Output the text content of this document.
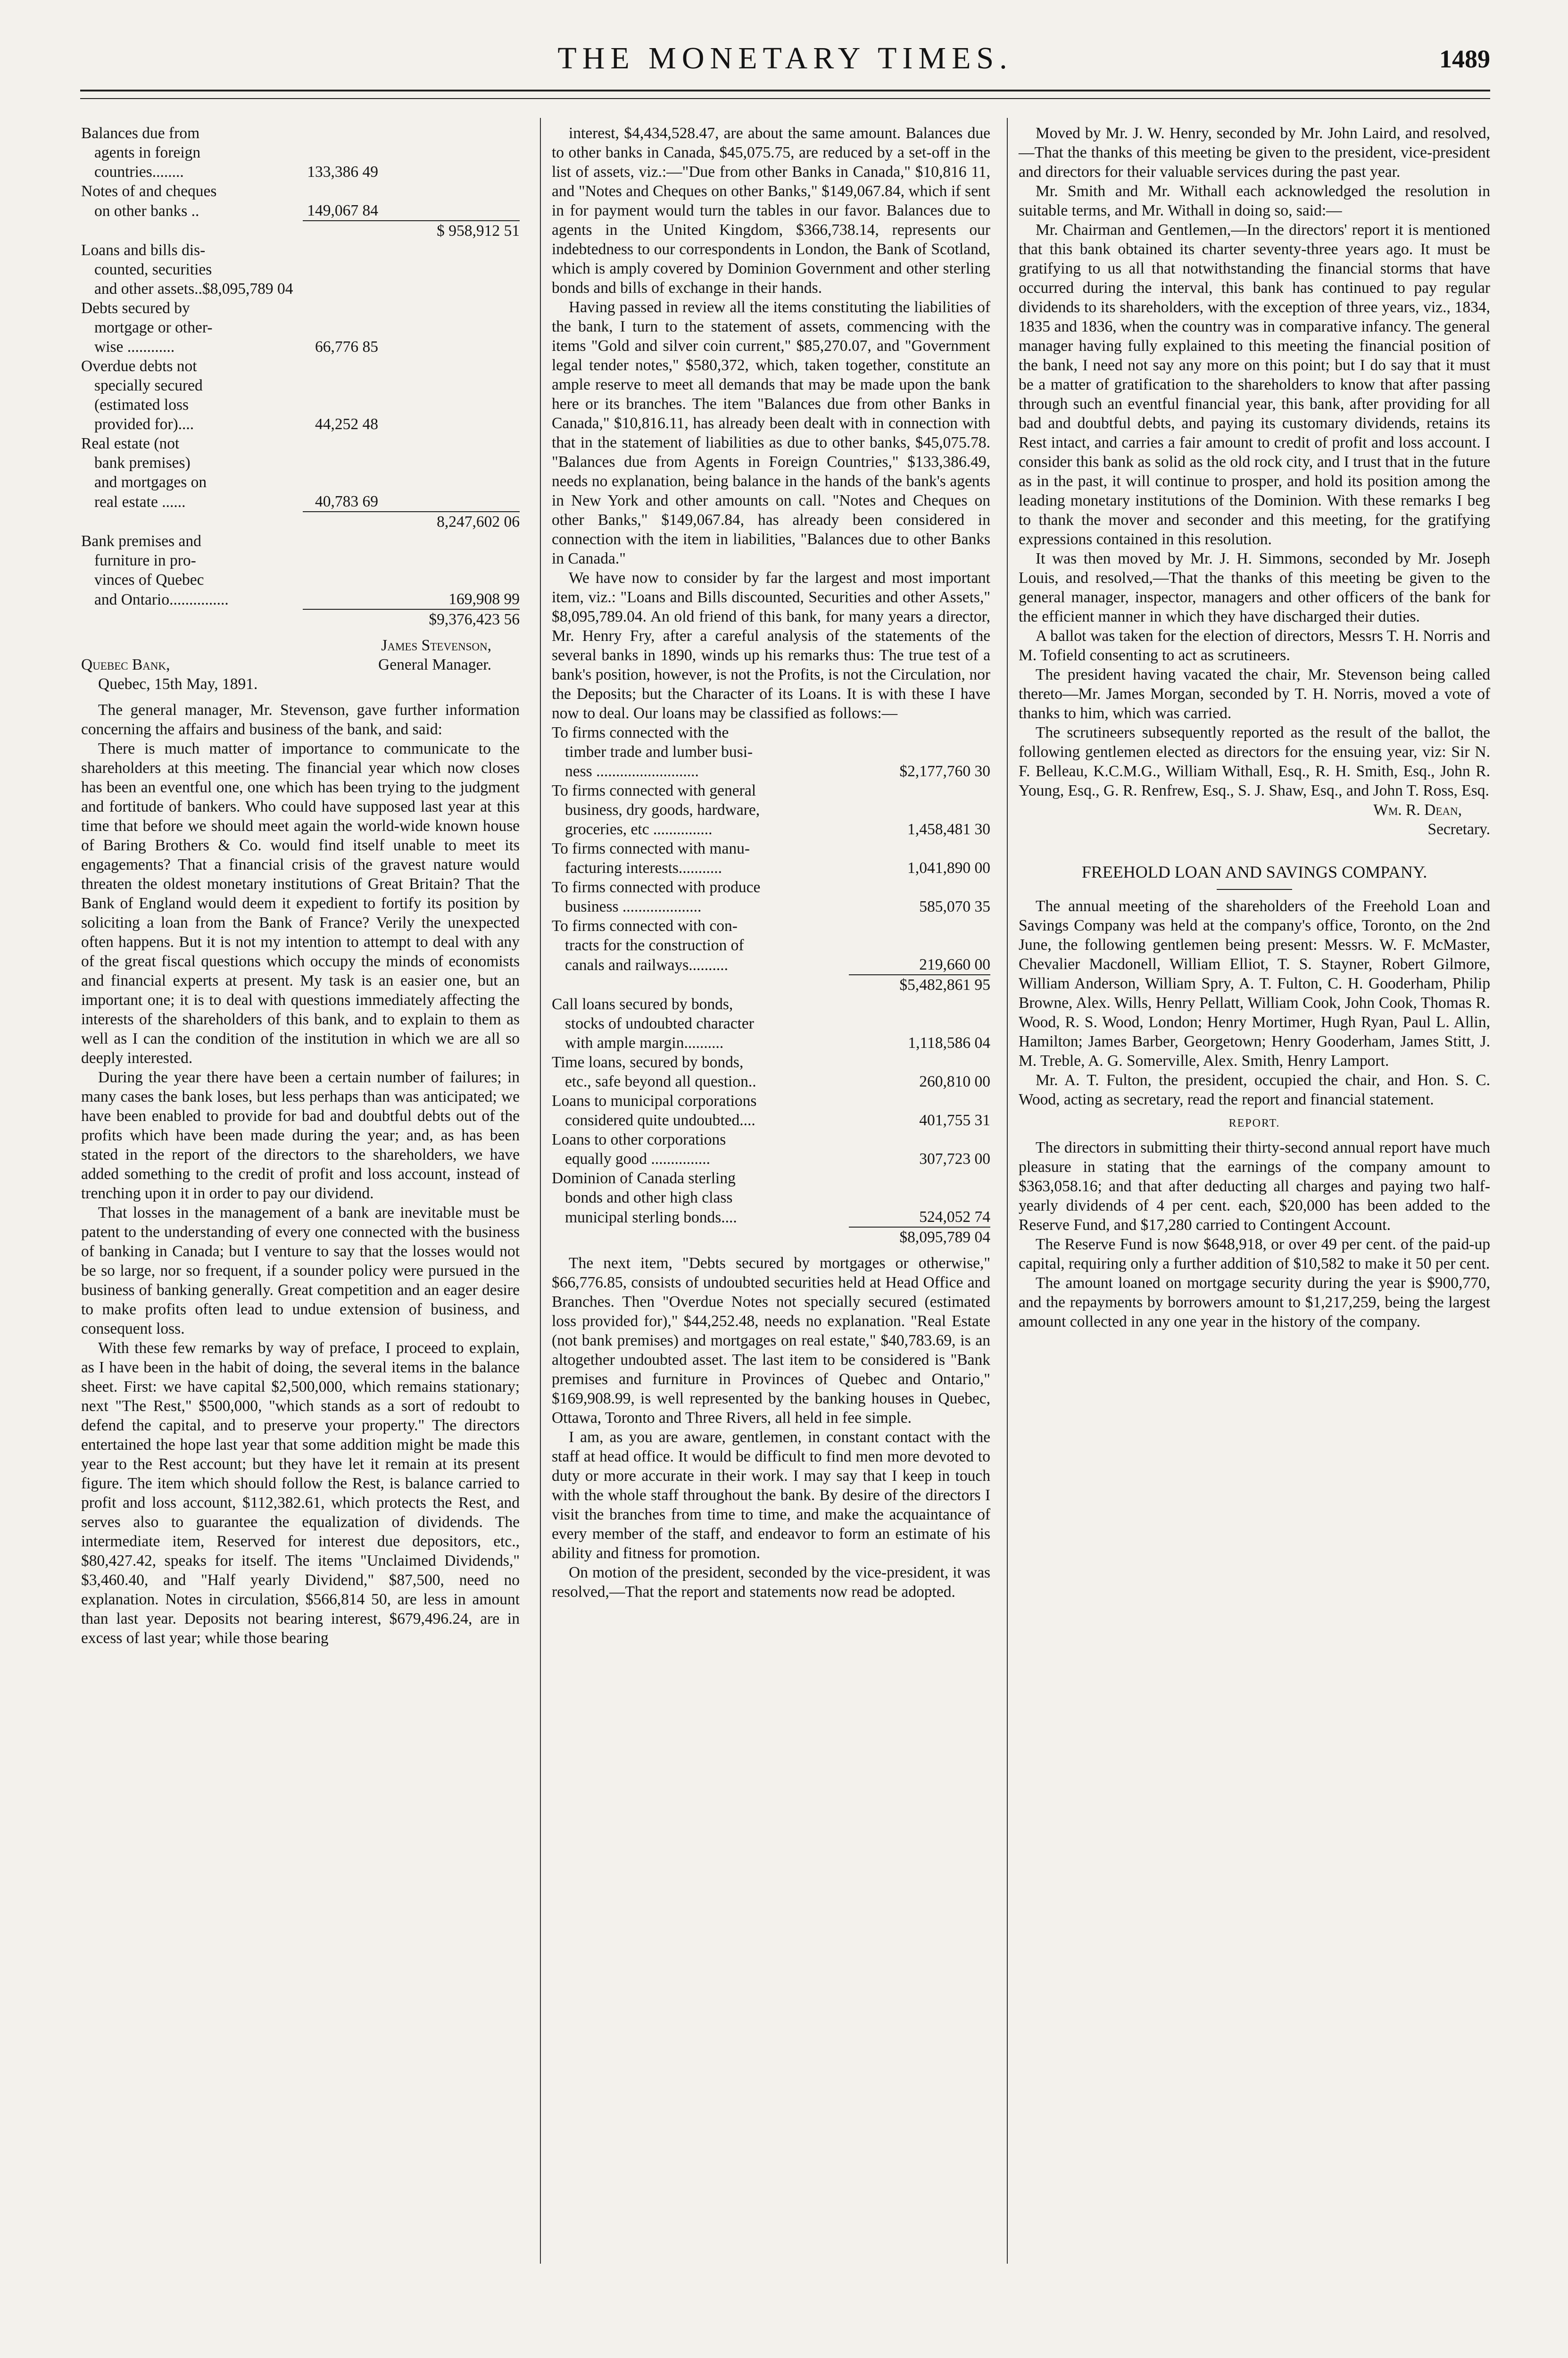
THE MONETARY TIMES.	1489
Balances due from		
agents in foreign		
countries........	133,386 49	
Notes of and cheques		
on other banks ..	149,067 84	
		$ 958,912 51
Loans and bills dis-		
counted, securities		
and other assets..$8,095,789 04		
Debts secured by		
mortgage or other-		
wise ............	66,776 85	
Overdue debts not		
specially secured		
(estimated loss		
provided for)....	44,252 48	
Real estate (not		
bank premises)		
and mortgages on		
real estate ......	40,783 69	
		8,247,602 06
Bank premises and		
furniture in pro-		
vinces of Quebec		
and Ontario...............		169,908 99
		$9,376,423 56
James Stevenson,
Quebec Bank,	General Manager.
Quebec, 15th May, 1891.

The general manager, Mr. Stevenson, gave further information concerning the affairs and business of the bank, and said:

There is much matter of importance to communicate to the shareholders at this meeting. The financial year which now closes has been an eventful one, one which has been trying to the judgment and fortitude of bankers. Who could have supposed last year at this time that before we should meet again the world-wide known house of Baring Brothers & Co. would find itself unable to meet its engagements? That a financial crisis of the gravest nature would threaten the oldest monetary institutions of Great Britain? That the Bank of England would deem it expedient to fortify its position by soliciting a loan from the Bank of France? Verily the unexpected often happens. But it is not my intention to attempt to deal with any of the great fiscal questions which occupy the minds of economists and financial experts at present. My task is an easier one, but an important one; it is to deal with questions immediately affecting the interests of the shareholders of this bank, and to explain to them as well as I can the condition of the institution in which we are all so deeply interested.

During the year there have been a certain number of failures; in many cases the bank loses, but less perhaps than was anticipated; we have been enabled to provide for bad and doubtful debts out of the profits which have been made during the year; and, as has been stated in the report of the directors to the shareholders, we have added something to the credit of profit and loss account, instead of trenching upon it in order to pay our dividend.

That losses in the management of a bank are inevitable must be patent to the understanding of every one connected with the business of banking in Canada; but I venture to say that the losses would not be so large, nor so frequent, if a sounder policy were pursued in the business of banking generally. Great competition and an eager desire to make profits often lead to undue extension of business, and consequent loss.

With these few remarks by way of preface, I proceed to explain, as I have been in the habit of doing, the several items in the balance sheet. First: we have capital $2,500,000, which remains stationary; next "The Rest," $500,000, "which stands as a sort of redoubt to defend the capital, and to preserve your property." The directors entertained the hope last year that some addition might be made this year to the Rest account; but they have let it remain at its present figure. The item which should follow the Rest, is balance carried to profit and loss account, $112,382.61, which protects the Rest, and serves also to guarantee the equalization of dividends. The intermediate item, Reserved for interest due depositors, etc., $80,427.42, speaks for itself. The items "Unclaimed Dividends," $3,460.40, and "Half yearly Dividend," $87,500, need no explanation. Notes in circulation, $566,814 50, are less in amount than last year. Deposits not bearing interest, $679,496.24, are in excess of last year; while those bearing

interest, $4,434,528.47, are about the same amount. Balances due to other banks in Canada, $45,075.75, are reduced by a set-off in the list of assets, viz.:—"Due from other Banks in Canada," $10,816 11, and "Notes and Cheques on other Banks," $149,067.84, which if sent in for payment would turn the tables in our favor. Balances due to agents in the United Kingdom, $366,738.14, represents our indebtedness to our correspondents in London, the Bank of Scotland, which is amply covered by Dominion Government and other sterling bonds and bills of exchange in their hands.

Having passed in review all the items constituting the liabilities of the bank, I turn to the statement of assets, commencing with the items "Gold and silver coin current," $85,270.07, and "Government legal tender notes," $580,372, which, taken together, constitute an ample reserve to meet all demands that may be made upon the bank here or its branches. The item "Balances due from other Banks in Canada," $10,816.11, has already been dealt with in connection with that in the statement of liabilities as due to other banks, $45,075.78. "Balances due from Agents in Foreign Countries," $133,386.49, needs no explanation, being balance in the hands of the bank's agents in New York and other amounts on call. "Notes and Cheques on other Banks," $149,067.84, has already been considered in connection with the item in liabilities, "Balances due to other Banks in Canada."

We have now to consider by far the largest and most important item, viz.: "Loans and Bills discounted, Securities and other Assets," $8,095,789.04. An old friend of this bank, for many years a director, Mr. Henry Fry, after a careful analysis of the statements of the several banks in 1890, winds up his remarks thus: The true test of a bank's position, however, is not the Profits, is not the Circulation, nor the Deposits; but the Character of its Loans. It is with these I have now to deal. Our loans may be classified as follows:—

To firms connected with the	
timber trade and lumber busi-	
ness ..........................	$2,177,760 30
To firms connected with general	
business, dry goods, hardware,	
groceries, etc ...............	1,458,481 30
To firms connected with manu-	
facturing interests...........	1,041,890 00
To firms connected with produce	
business ....................	585,070 35
To firms connected with con-	
tracts for the construction of	
canals and railways..........	219,660 00
	$5,482,861 95
Call loans secured by bonds,	
stocks of undoubted character	
with ample margin..........	1,118,586 04
Time loans, secured by bonds,	
etc., safe beyond all question..	260,810 00
Loans to municipal corporations	
considered quite undoubted....	401,755 31
Loans to other corporations	
equally good ...............	307,723 00
Dominion of Canada sterling	
bonds and other high class	
municipal sterling bonds....	524,052 74
	$8,095,789 04

The next item, "Debts secured by mortgages or otherwise," $66,776.85, consists of undoubted securities held at Head Office and Branches. Then "Overdue Notes not specially secured (estimated loss provided for)," $44,252.48, needs no explanation. "Real Estate (not bank premises) and mortgages on real estate," $40,783.69, is an altogether undoubted asset. The last item to be considered is "Bank premises and furniture in Provinces of Quebec and Ontario," $169,908.99, is well represented by the banking houses in Quebec, Ottawa, Toronto and Three Rivers, all held in fee simple.

I am, as you are aware, gentlemen, in constant contact with the staff at head office. It would be difficult to find men more devoted to duty or more accurate in their work. I may say that I keep in touch with the whole staff throughout the bank. By desire of the directors I visit the branches from time to time, and make the acquaintance of every member of the staff, and endeavor to form an estimate of his ability and fitness for promotion.

On motion of the president, seconded by the vice-president, it was resolved,—That the report and statements now read be adopted.

Moved by Mr. J. W. Henry, seconded by Mr. John Laird, and resolved,—That the thanks of this meeting be given to the president, vice-president and directors for their valuable services during the past year.

Mr. Smith and Mr. Withall each acknowledged the resolution in suitable terms, and Mr. Withall in doing so, said:—

Mr. Chairman and Gentlemen,—In the directors' report it is mentioned that this bank obtained its charter seventy-three years ago. It must be gratifying to us all that notwithstanding the financial storms that have occurred during the interval, this bank has continued to pay regular dividends to its shareholders, with the exception of three years, viz., 1834, 1835 and 1836, when the country was in comparative infancy. The general manager having fully explained to this meeting the financial position of the bank, I need not say any more on this point; but I do say that it must be a matter of gratification to the shareholders to know that after passing through such an eventful financial year, this bank, after providing for all bad and doubtful debts, and paying its customary dividends, retains its Rest intact, and carries a fair amount to credit of profit and loss account. I consider this bank as solid as the old rock city, and I trust that in the future as in the past, it will continue to prosper, and hold its position among the leading monetary institutions of the Dominion. With these remarks I beg to thank the mover and seconder and this meeting, for the gratifying expressions contained in this resolution.

It was then moved by Mr. J. H. Simmons, seconded by Mr. Joseph Louis, and resolved,—That the thanks of this meeting be given to the general manager, inspector, managers and other officers of the bank for the efficient manner in which they have discharged their duties.

A ballot was taken for the election of directors, Messrs T. H. Norris and M. Tofield consenting to act as scrutineers.

The president having vacated the chair, Mr. Stevenson being called thereto—Mr. James Morgan, seconded by T. H. Norris, moved a vote of thanks to him, which was carried.

The scrutineers subsequently reported as the result of the ballot, the following gentlemen elected as directors for the ensuing year, viz: Sir N. F. Belleau, K.C.M.G., William Withall, Esq., R. H. Smith, Esq., John R. Young, Esq., G. R. Renfrew, Esq., S. J. Shaw, Esq., and John T. Ross, Esq.

Wm. R. Dean,
Secretary.
FREEHOLD LOAN AND SAVINGS COMPANY.

The annual meeting of the shareholders of the Freehold Loan and Savings Company was held at the company's office, Toronto, on the 2nd June, the following gentlemen being present: Messrs. W. F. McMaster, Chevalier Macdonell, William Elliot, T. S. Stayner, Robert Gilmore, William Anderson, William Spry, A. T. Fulton, C. H. Gooderham, Philip Browne, Alex. Wills, Henry Pellatt, William Cook, John Cook, Thomas R. Wood, R. S. Wood, London; Henry Mortimer, Hugh Ryan, Paul L. Allin, Hamilton; James Barber, Georgetown; Henry Gooderham, James Stitt, J. M. Treble, A. G. Somerville, Alex. Smith, Henry Lamport.

Mr. A. T. Fulton, the president, occupied the chair, and Hon. S. C. Wood, acting as secretary, read the report and financial statement.

REPORT.

The directors in submitting their thirty-second annual report have much pleasure in stating that the earnings of the company amount to $363,058.16; and that after deducting all charges and paying two half-yearly dividends of 4 per cent. each, $20,000 has been added to the Reserve Fund, and $17,280 carried to Contingent Account.

The Reserve Fund is now $648,918, or over 49 per cent. of the paid-up capital, requiring only a further addition of $10,582 to make it 50 per cent.

The amount loaned on mortgage security during the year is $900,770, and the repayments by borrowers amount to $1,217,259, being the largest amount collected in any one year in the history of the company.
